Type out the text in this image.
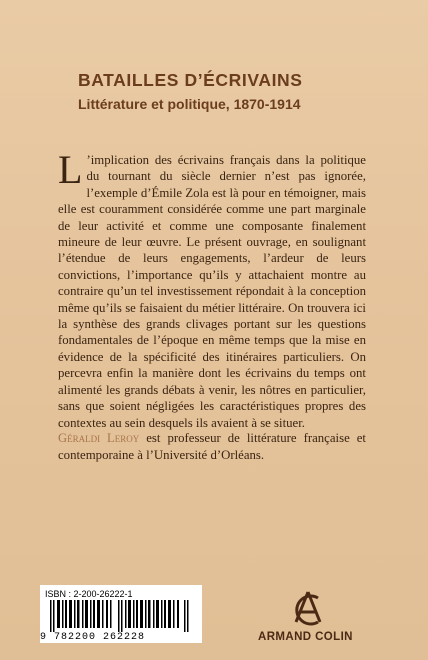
BATAILLES D’ÉCRIVAINS
Littérature et politique, 1870-1914

L ’implication des écrivains français dans la politique du tournant du siècle dernier n’est pas ignorée, l’exemple d’Émile Zola est là pour en témoigner, mais elle est couramment considérée comme une part marginale de leur activité et comme une composante finalement mineure de leur œuvre. Le présent ouvrage, en soulignant l’étendue de leurs engagements, l’ardeur de leurs convictions, l’importance qu’ils y attachaient montre au contraire qu’un tel investissement répondait à la conception même qu’ils se faisaient du métier littéraire. On trouvera ici la synthèse des grands clivages portant sur les questions fondamentales de l’époque en même temps que la mise en évidence de la spécificité des itinéraires particuliers. On percevra enfin la manière dont les écrivains du temps ont alimenté les grands débats à venir, les nôtres en particulier, sans que soient négligées les caractéristiques propres des contextes au sein desquels ils avaient à se situer.

Géraldi Leroy est professeur de littérature française et contemporaine à l’Université d’Orléans.

ISBN : 2-200-26222-1
9 782200 262228	ARMAND COLIN
